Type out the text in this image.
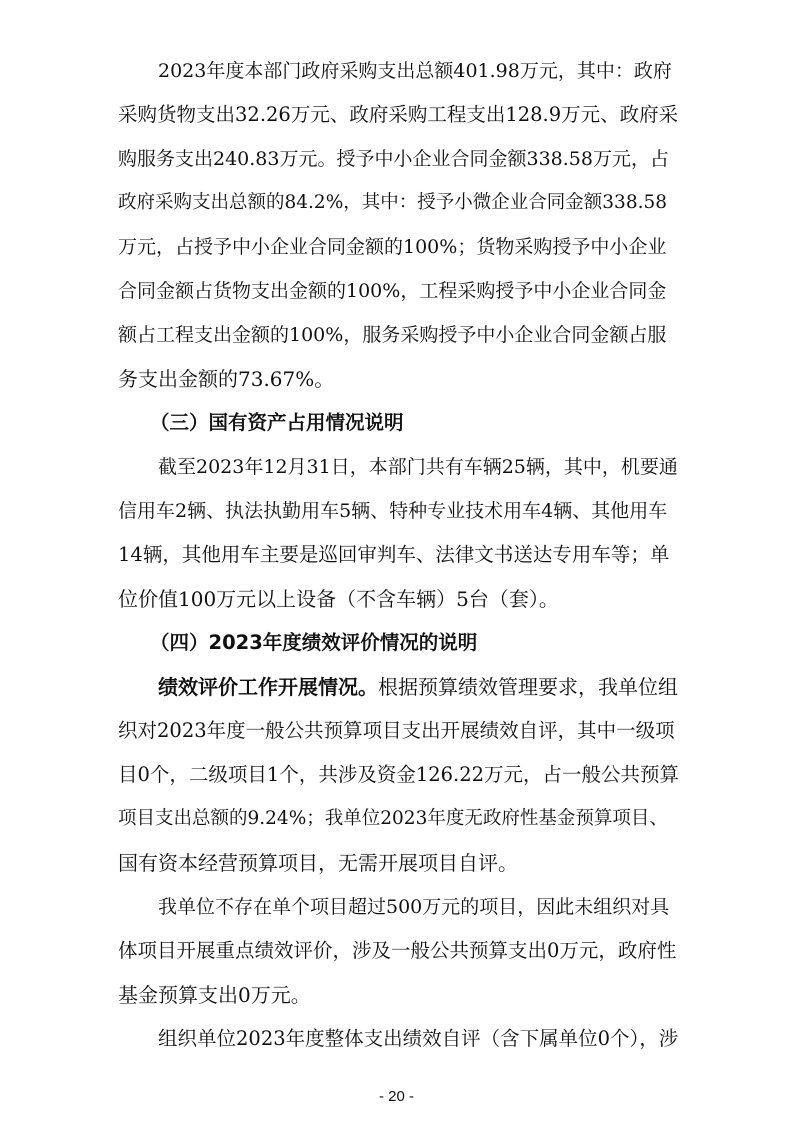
2023年度本部门政府采购支出总额401.98万元，其中：政府
采购货物支出32.26万元、政府采购工程支出128.9万元、政府采
购服务支出240.83万元。授予中小企业合同金额338.58万元，占
政府采购支出总额的84.2%，其中：授予小微企业合同金额338.58
万元，占授予中小企业合同金额的100%；货物采购授予中小企业
合同金额占货物支出金额的100%，工程采购授予中小企业合同金
额占工程支出金额的100%，服务采购授予中小企业合同金额占服
务支出金额的73.67%。
（三）国有资产占用情况说明
截至2023年12月31日，本部门共有车辆25辆，其中，机要通
信用车2辆、执法执勤用车5辆、特种专业技术用车4辆、其他用车
14辆，其他用车主要是巡回审判车、法律文书送达专用车等；单
位价值100万元以上设备（不含车辆）5台（套）。
（四）2023年度绩效评价情况的说明
绩效评价工作开展情况。根据预算绩效管理要求，我单位组
织对2023年度一般公共预算项目支出开展绩效自评，其中一级项
目0个，二级项目1个，共涉及资金126.22万元，占一般公共预算
项目支出总额的9.24%；我单位2023年度无政府性基金预算项目、
国有资本经营预算项目，无需开展项目自评。
我单位不存在单个项目超过500万元的项目，因此未组织对具
体项目开展重点绩效评价，涉及一般公共预算支出0万元，政府性
基金预算支出0万元。
组织单位2023年度整体支出绩效自评（含下属单位0个），涉
- 20 -
